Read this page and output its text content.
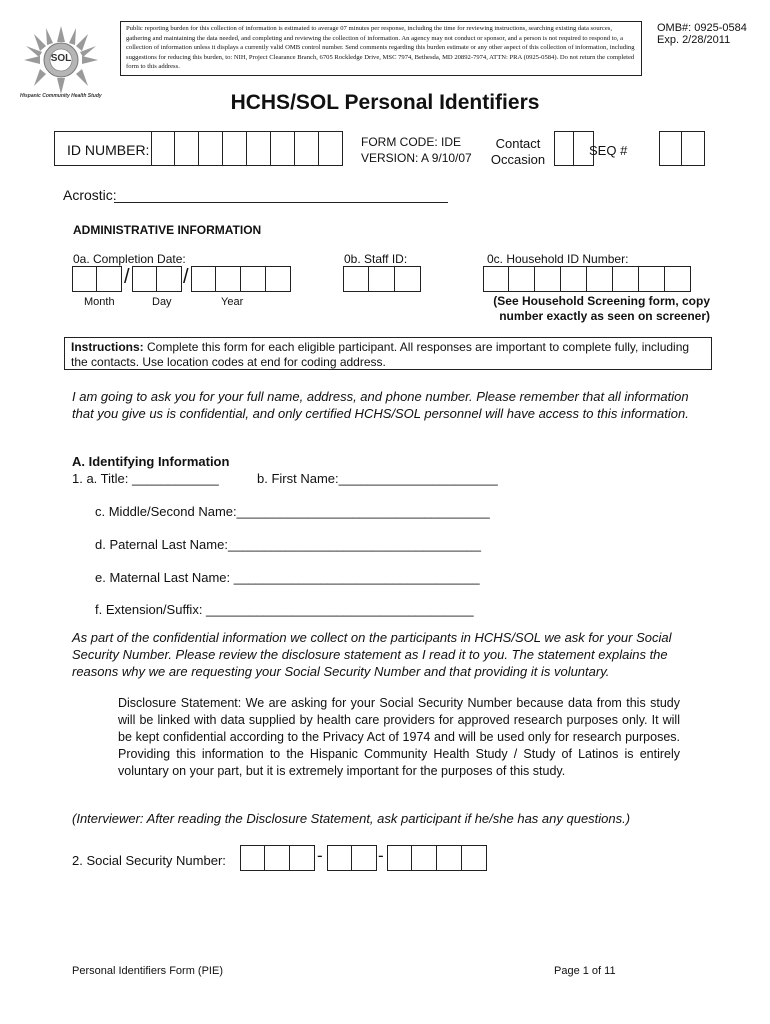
SOL
Hispanic Community Health Study
Public reporting burden for this collection of information is estimated to average 07 minutes per response, including the time for reviewing instructions, searching existing data sources, gathering and maintaining the data needed, and completing and reviewing the collection of information. An agency may not conduct or sponsor, and a person is not required to respond to, a collection of information unless it displays a currently valid OMB control number. Send comments regarding this burden estimate or any other aspect of this collection of information, including suggestions for reducing this burden, to: NIH, Project Clearance Branch, 6705 Rockledge Drive, MSC 7974, Bethesda, MD 20892-7974, ATTN: PRA (0925-0584). Do not return the completed form to this address.
OMB#: 0925-0584
Exp. 2/28/2011
HCHS/SOL Personal Identifiers
ID NUMBER:	FORM CODE: IDE
VERSION: A 9/10/07
Contact
Occasion
SEQ #
Acrostic:
ADMINISTRATIVE INFORMATION
0a. Completion Date:	0b. Staff ID:	0c. Household ID Number:
/	/
Month	Day	Year	(See Household Screening form, copy
number exactly as seen on screener)
Instructions: Complete this form for each eligible participant. All responses are important to complete fully, including the contacts. Use location codes at end for coding address.
I am going to ask you for your full name, address, and phone number. Please remember that all information that you give us is confidential, and only certified HCHS/SOL personnel will have access to this information.
A. Identifying Information
1. a. Title: ____________	b. First Name:______________________
c. Middle/Second Name:___________________________________
d. Paternal Last Name:___________________________________
e. Maternal Last Name: __________________________________
f. Extension/Suffix: _____________________________________
As part of the confidential information we collect on the participants in HCHS/SOL we ask for your Social Security Number. Please review the disclosure statement as I read it to you. The statement explains the reasons why we are requesting your Social Security Number and that providing it is voluntary.
Disclosure Statement: We are asking for your Social Security Number because data from this study will be linked with data supplied by health care providers for approved research purposes only. It will be kept confidential according to the Privacy Act of 1974 and will be used only for research purposes. Providing this information to the Hispanic Community Health Study / Study of Latinos is entirely voluntary on your part, but it is extremely important for the purposes of this study.
(Interviewer: After reading the Disclosure Statement, ask participant if he/she has any questions.)
2. Social Security Number:	-	-
Personal Identifiers Form (PIE)	Page 1 of 11
